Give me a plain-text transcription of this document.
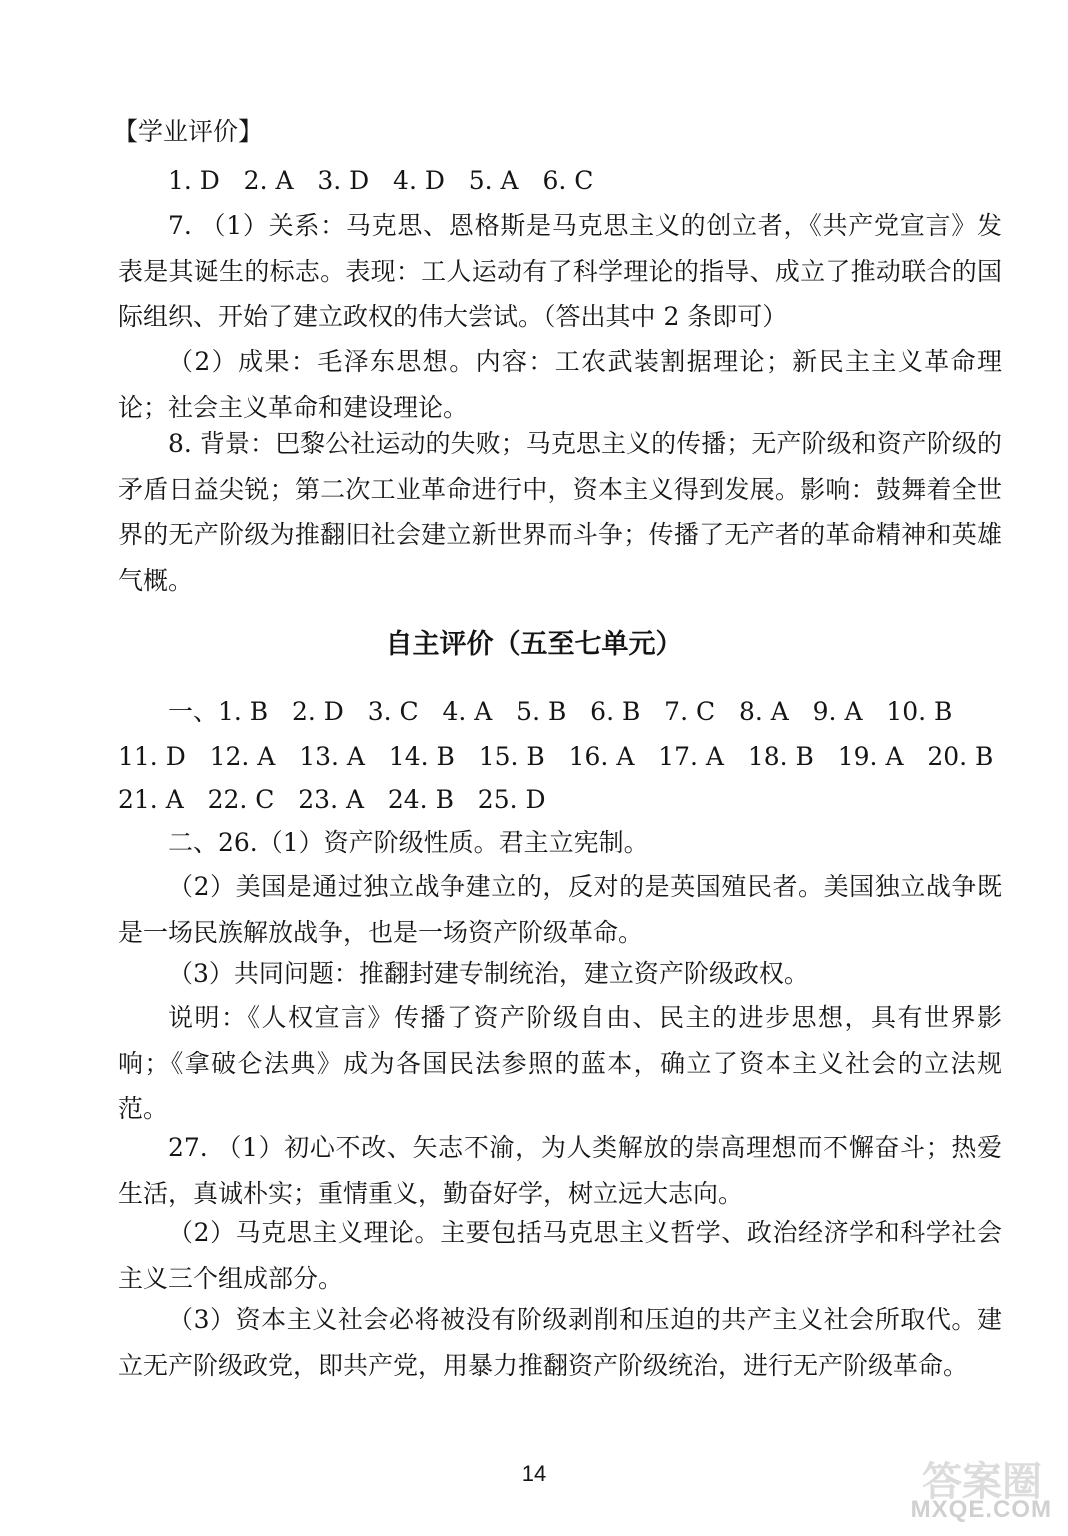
【学业评价】

1. D   2. A   3. D   4. D   5. A   6. C

7. （1）关系：马克思、恩格斯是马克思主义的创立者，《共产党宣言》发表是其诞生的标志。表现：工人运动有了科学理论的指导、成立了推动联合的国际组织、开始了建立政权的伟大尝试。（答出其中 2 条即可）

（2）成果：毛泽东思想。内容：工农武装割据理论；新民主主义革命理论；社会主义革命和建设理论。

8. 背景：巴黎公社运动的失败；马克思主义的传播；无产阶级和资产阶级的矛盾日益尖锐；第二次工业革命进行中，资本主义得到发展。影响：鼓舞着全世界的无产阶级为推翻旧社会建立新世界而斗争；传播了无产者的革命精神和英雄气概。

自主评价（五至七单元）

一、1. B   2. D   3. C   4. A   5. B   6. B   7. C   8. A   9. A   10. B

11. D   12. A   13. A   14. B   15. B   16. A   17. A   18. B   19. A   20. B

21. A   22. C   23. A   24. B   25. D

二、26.（1）资产阶级性质。君主立宪制。

（2）美国是通过独立战争建立的，反对的是英国殖民者。美国独立战争既是一场民族解放战争，也是一场资产阶级革命。

（3）共同问题：推翻封建专制统治，建立资产阶级政权。

说明：《人权宣言》传播了资产阶级自由、民主的进步思想，具有世界影响；《拿破仑法典》成为各国民法参照的蓝本，确立了资本主义社会的立法规范。

27. （1）初心不改、矢志不渝，为人类解放的崇高理想而不懈奋斗；热爱生活，真诚朴实；重情重义，勤奋好学，树立远大志向。

（2）马克思主义理论。主要包括马克思主义哲学、政治经济学和科学社会主义三个组成部分。

（3）资本主义社会必将被没有阶级剥削和压迫的共产主义社会所取代。建立无产阶级政党，即共产党，用暴力推翻资产阶级统治，进行无产阶级革命。

14	答案圈
MXQE.COM
